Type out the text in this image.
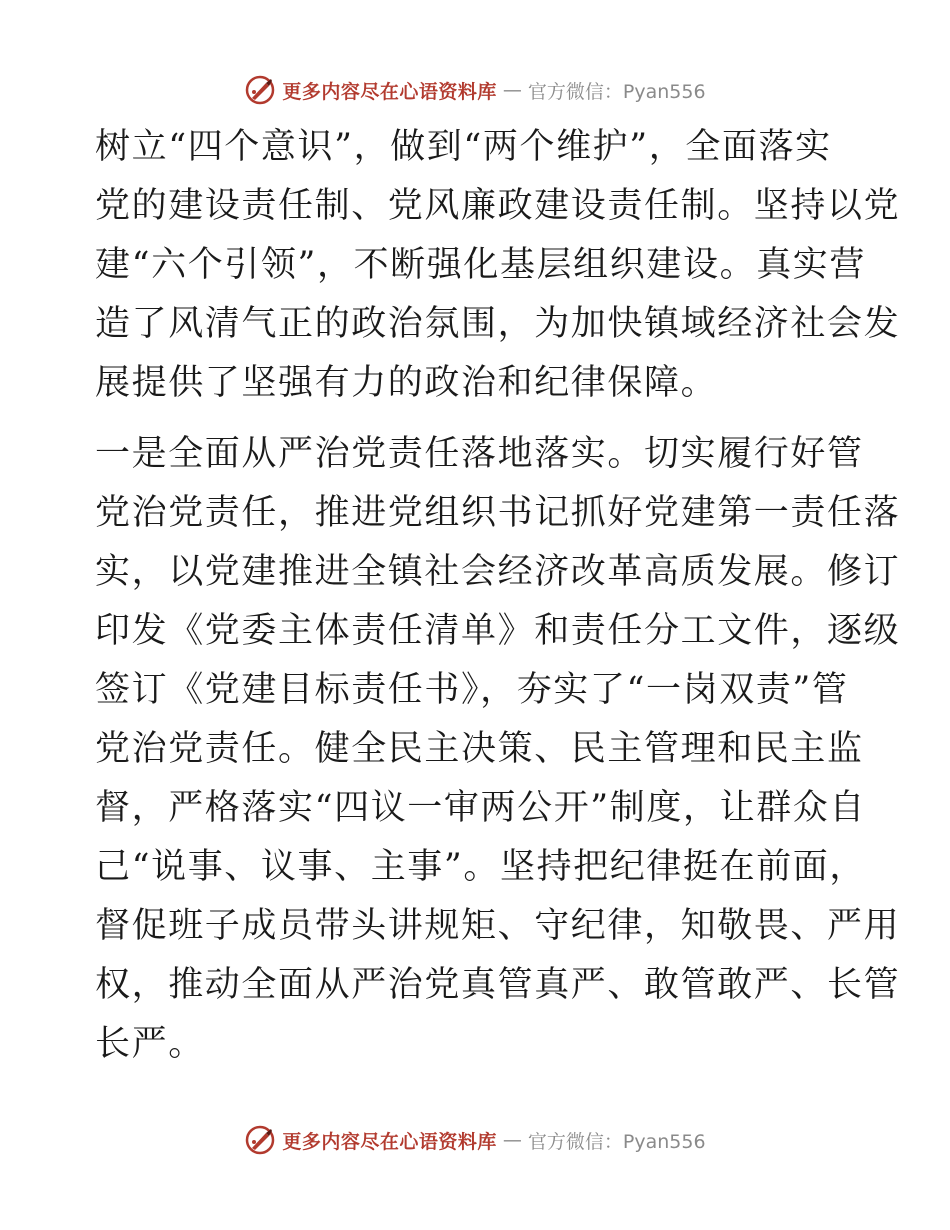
更多内容尽在心语资料库 — 官方微信：Pyan556

树立“四个意识”，做到“两个维护”，全面落实
党的建设责任制、党风廉政建设责任制。坚持以党
建“六个引领”，不断强化基层组织建设。真实营
造了风清气正的政治氛围，为加快镇域经济社会发
展提供了坚强有力的政治和纪律保障。

一是全面从严治党责任落地落实。切实履行好管
党治党责任，推进党组织书记抓好党建第一责任落
实，以党建推进全镇社会经济改革高质发展。修订
印发《党委主体责任清单》和责任分工文件，逐级
签订《党建目标责任书》，夯实了“一岗双责”管
党治党责任。健全民主决策、民主管理和民主监
督，严格落实“四议一审两公开”制度，让群众自
己“说事、议事、主事”。坚持把纪律挺在前面，
督促班子成员带头讲规矩、守纪律，知敬畏、严用
权，推动全面从严治党真管真严、敢管敢严、长管
长严。

更多内容尽在心语资料库 — 官方微信：Pyan556
